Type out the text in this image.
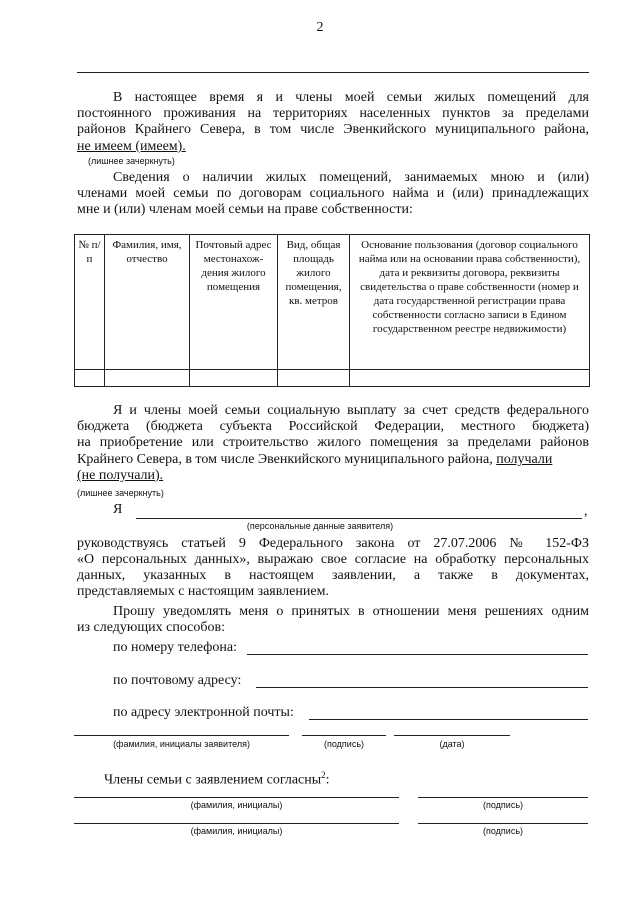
2
В настоящее время я и члены моей семьи жилых помещений для
постоянного проживания на территориях населенных пунктов за пределами
районов Крайнего Севера, в том числе Эвенкийского муниципального района,
не имеем (имеем).
(лишнее зачеркнуть)
Сведения о наличии жилых помещений, занимаемых мною и (или)
членами моей семьи по договорам социального найма и (или) принадлежащих
мне и (или) членам моей семьи на праве собственности:
№ п/п	Фамилия, имя, отчество	Почтовый адрес местонахож-дения жилого помещения	Вид, общая площадь жилого помещения, кв. метров	Основание пользования (договор социального найма или на основании права собственности), дата и реквизиты договора, реквизиты свидетельства о праве собственности (номер и дата государственной регистрации права собственности согласно записи в Едином государственном реестре недвижимости)

Я и члены моей семьи социальную выплату за счет средств федерального
бюджета (бюджета субъекта Российской Федерации, местного бюджета)
на приобретение или строительство жилого помещения за пределами районов
Крайнего Севера, в том числе Эвенкийского муниципального района, получали
(не получали).
(лишнее зачеркнуть)
Я	,
(персональные данные заявителя)
руководствуясь статьей 9 Федерального закона от 27.07.2006 № 152-ФЗ
«О персональных данных», выражаю свое согласие на обработку персональных
данных, указанных в настоящем заявлении, а также в документах,
представляемых с настоящим заявлением.
Прошу уведомлять меня о принятых в отношении меня решениях одним
из следующих способов:
по номеру телефона:
по почтовому адресу:
по адресу электронной почты:
(фамилия, инициалы заявителя)	(подпись)	(дата)
Члены семьи с заявлением согласны$^2$:
(фамилия, инициалы)	(подпись)
(фамилия, инициалы)	(подпись)
